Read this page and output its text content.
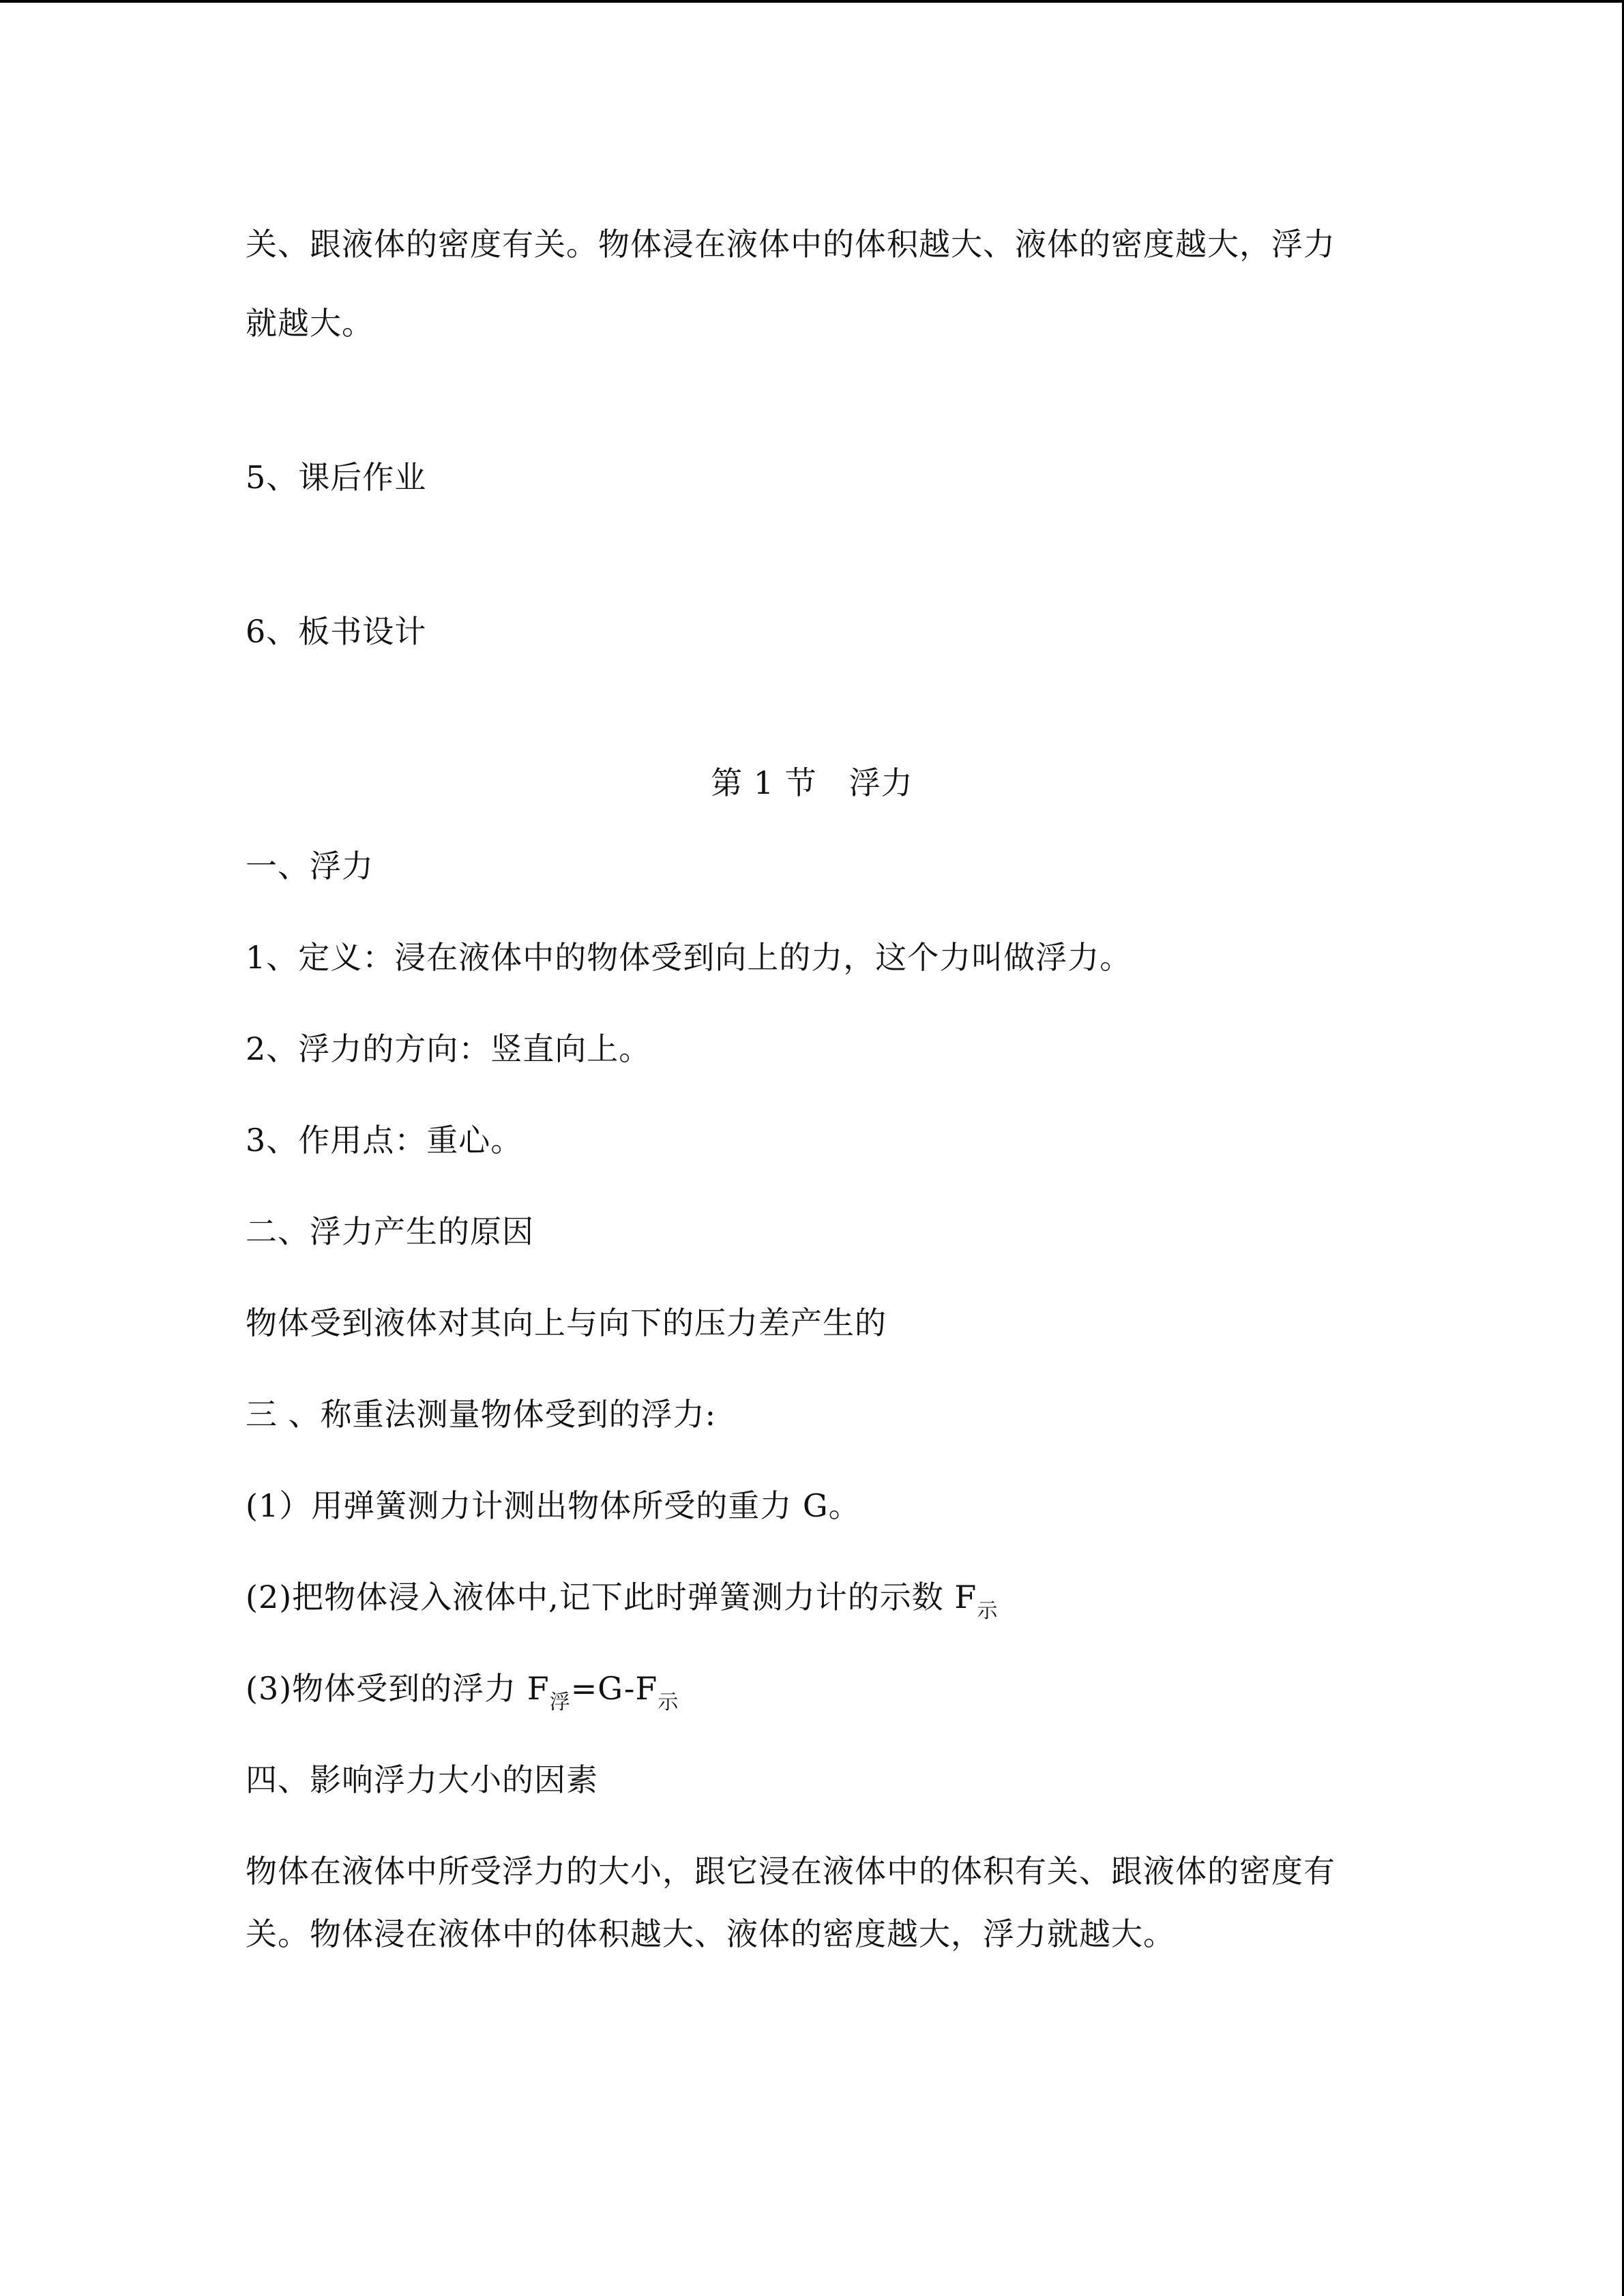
关、跟液体的密度有关。物体浸在液体中的体积越大、液体的密度越大，浮力
就越大。
5、课后作业
6、板书设计
第 1 节　浮力
一、浮力
1、定义：浸在液体中的物体受到向上的力，这个力叫做浮力。
2、浮力的方向：竖直向上。
3、作用点：重心。
二、浮力产生的原因
物体受到液体对其向上与向下的压力差产生的
三 、称重法测量物体受到的浮力:
(1）用弹簧测力计测出物体所受的重力 G。
(2)把物体浸入液体中,记下此时弹簧测力计的示数 $F_示$
(3)物体受到的浮力 $F_浮=G-F_示$
四、影响浮力大小的因素
物体在液体中所受浮力的大小，跟它浸在液体中的体积有关、跟液体的密度有
关。物体浸在液体中的体积越大、液体的密度越大，浮力就越大。
